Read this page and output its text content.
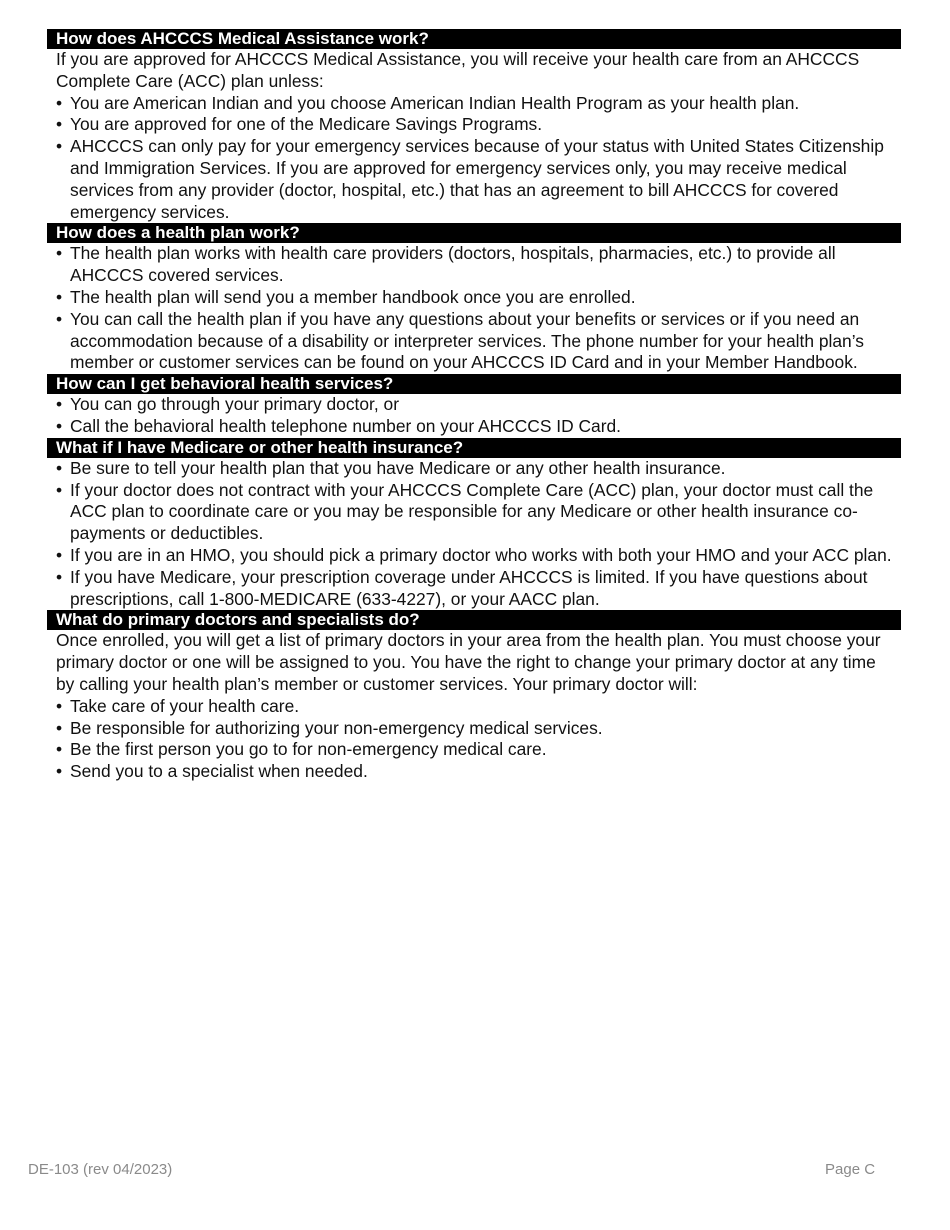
How does AHCCCS Medical Assistance work?
If you are approved for AHCCCS Medical Assistance, you will receive your health care from an AHCCCS Complete Care (ACC) plan unless:
• You are American Indian and you choose American Indian Health Program as your health plan.
• You are approved for one of the Medicare Savings Programs.
• AHCCCS can only pay for your emergency services because of your status with United States Citizenship and Immigration Services. If you are approved for emergency services only, you may receive medical services from any provider (doctor, hospital, etc.) that has an agreement to bill AHCCCS for covered emergency services.
How does a health plan work?
• The health plan works with health care providers (doctors, hospitals, pharmacies, etc.) to provide all AHCCCS covered services.
• The health plan will send you a member handbook once you are enrolled.
• You can call the health plan if you have any questions about your benefits or services or if you need an accommodation because of a disability or interpreter services. The phone number for your health plan’s member or customer services can be found on your AHCCCS ID Card and in your Member Handbook.
How can I get behavioral health services?
• You can go through your primary doctor, or
• Call the behavioral health telephone number on your AHCCCS ID Card.
What if I have Medicare or other health insurance?
• Be sure to tell your health plan that you have Medicare or any other health insurance.
• If your doctor does not contract with your AHCCCS Complete Care (ACC) plan, your doctor must call the ACC plan to coordinate care or you may be responsible for any Medicare or other health insurance co-payments or deductibles.
• If you are in an HMO, you should pick a primary doctor who works with both your HMO and your ACC plan.
• If you have Medicare, your prescription coverage under AHCCCS is limited. If you have questions about prescriptions, call 1-800-MEDICARE (633-4227), or your AACC plan.
What do primary doctors and specialists do?
Once enrolled, you will get a list of primary doctors in your area from the health plan. You must choose your primary doctor or one will be assigned to you. You have the right to change your primary doctor at any time by calling your health plan’s member or customer services. Your primary doctor will:
• Take care of your health care.
• Be responsible for authorizing your non-emergency medical services.
• Be the first person you go to for non-emergency medical care.
• Send you to a specialist when needed.
DE-103 (rev 04/2023)	Page C
